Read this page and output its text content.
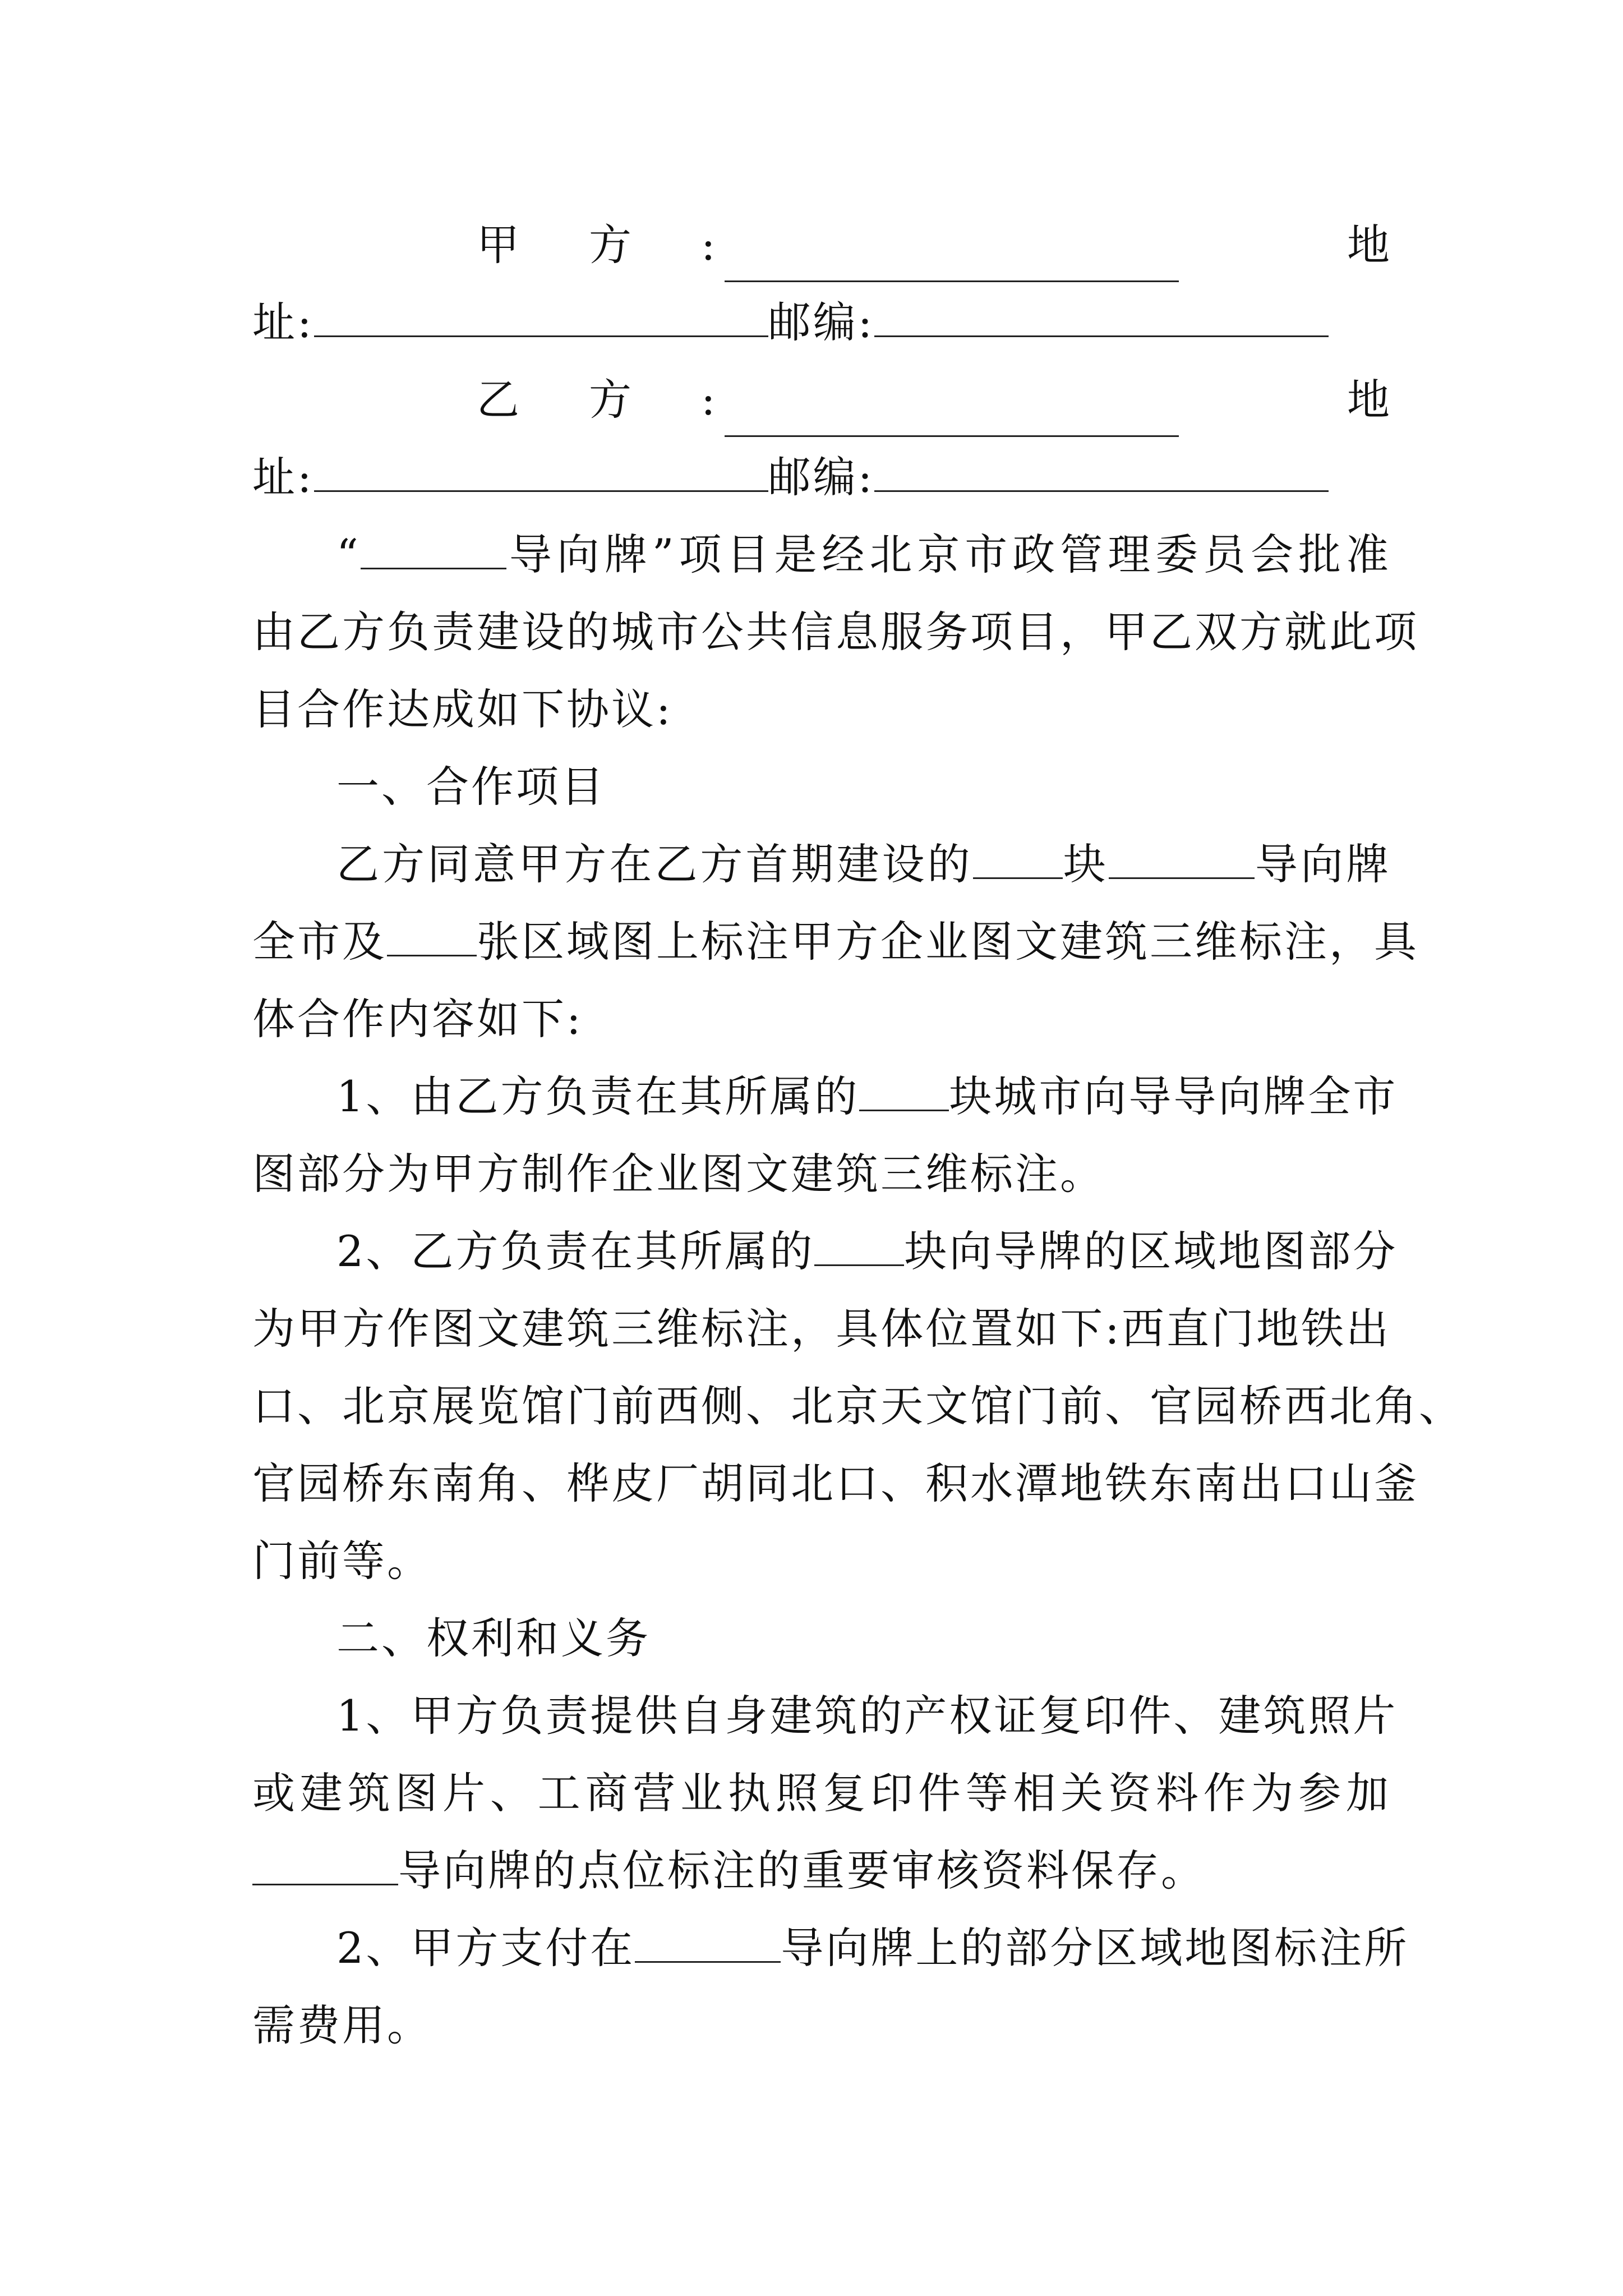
甲 方 :	地
址:	邮编:
乙 方 :	地
址:	邮编:
“	导向牌”项目是经北京市政管理委员会批准
由乙方负责建设的城市公共信息服务项目，甲乙双方就此项
目合作达成如下协议:
一、合作项目
乙方同意甲方在乙方首期建设的 块	导向牌
全市及 张区域图上标注甲方企业图文建筑三维标注，具
体合作内容如下:
1、由乙方负责在其所属的 块城市向导导向牌全市
图部分为甲方制作企业图文建筑三维标注。
2、乙方负责在其所属的 块向导牌的区域地图部分
为甲方作图文建筑三维标注，具体位置如下:西直门地铁出
口、北京展览馆门前西侧、北京天文馆门前、官园桥西北角、
官园桥东南角、桦皮厂胡同北口、积水潭地铁东南出口山釜
门前等。
二、权利和义务
1、甲方负责提供自身建筑的产权证复印件、建筑照片
或建筑图片、工商营业执照复印件等相关资料作为参加
导向牌的点位标注的重要审核资料保存。
2、甲方支付在	导向牌上的部分区域地图标注所
需费用。
